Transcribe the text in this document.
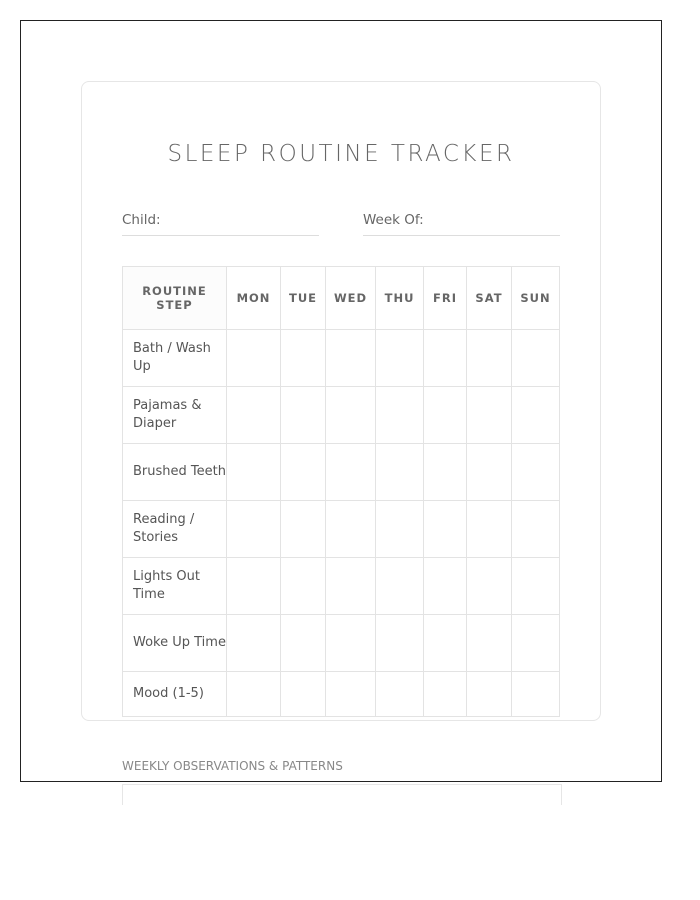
SLEEP ROUTINE TRACKER
Child:	Week Of:
ROUTINE STEP	MON	TUE	WED	THU	FRI	SAT	SUN
Bath / Wash Up							
Pajamas & Diaper							
Brushed Teeth							
Reading / Stories							
Lights Out Time							
Woke Up Time							
Mood (1-5)							
WEEKLY OBSERVATIONS & PATTERNS
